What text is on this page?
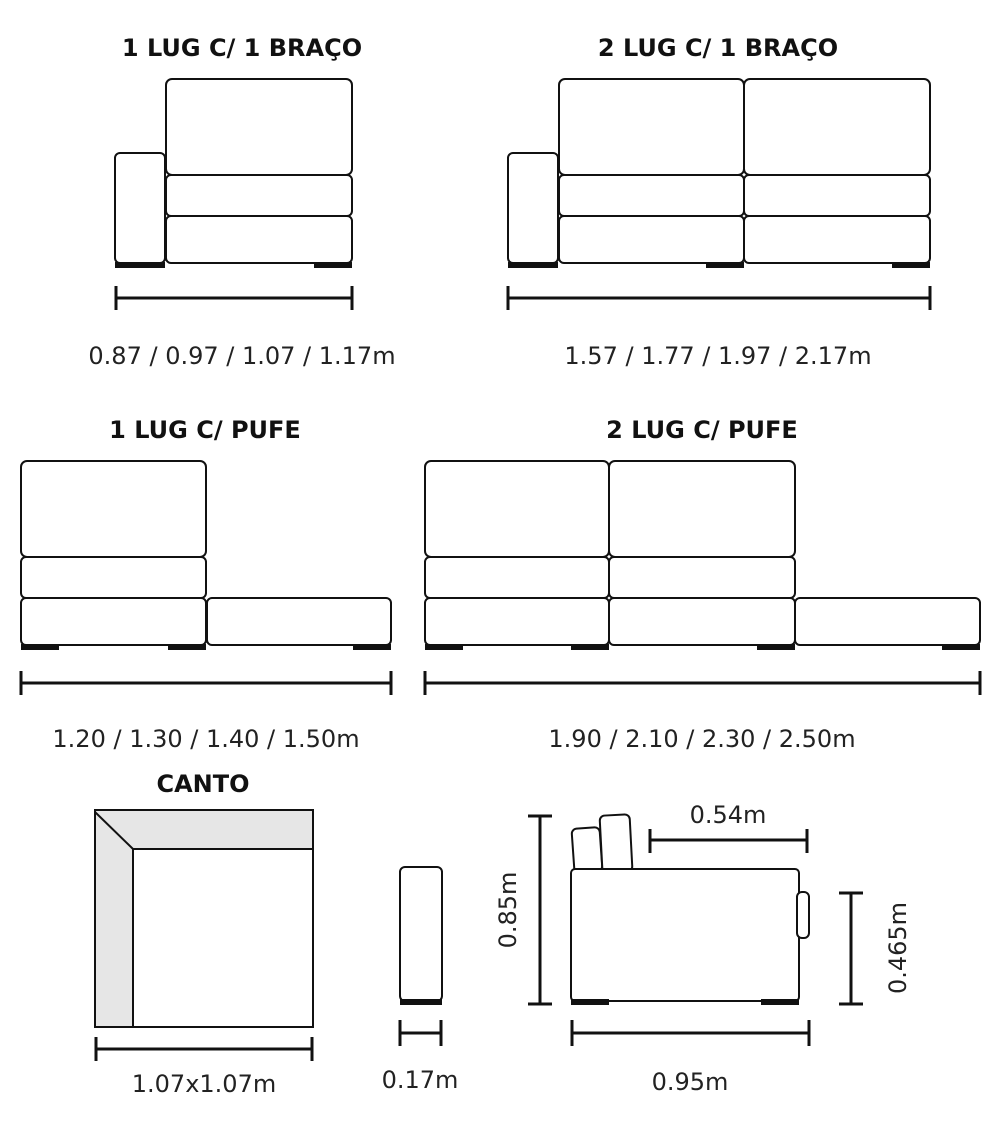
1 LUG C/ 1 BRAÇO
0.87 / 0.97 / 1.07 / 1.17m
2 LUG C/ 1 BRAÇO
1.57 / 1.77 / 1.97 / 2.17m
1 LUG C/ PUFE
1.20 / 1.30 / 1.40 / 1.50m
2 LUG C/ PUFE
1.90 / 2.10 / 2.30 / 2.50m
CANTO
1.07x1.07m	0.17m
0.85m
0.54m
0.465m
0.95m
